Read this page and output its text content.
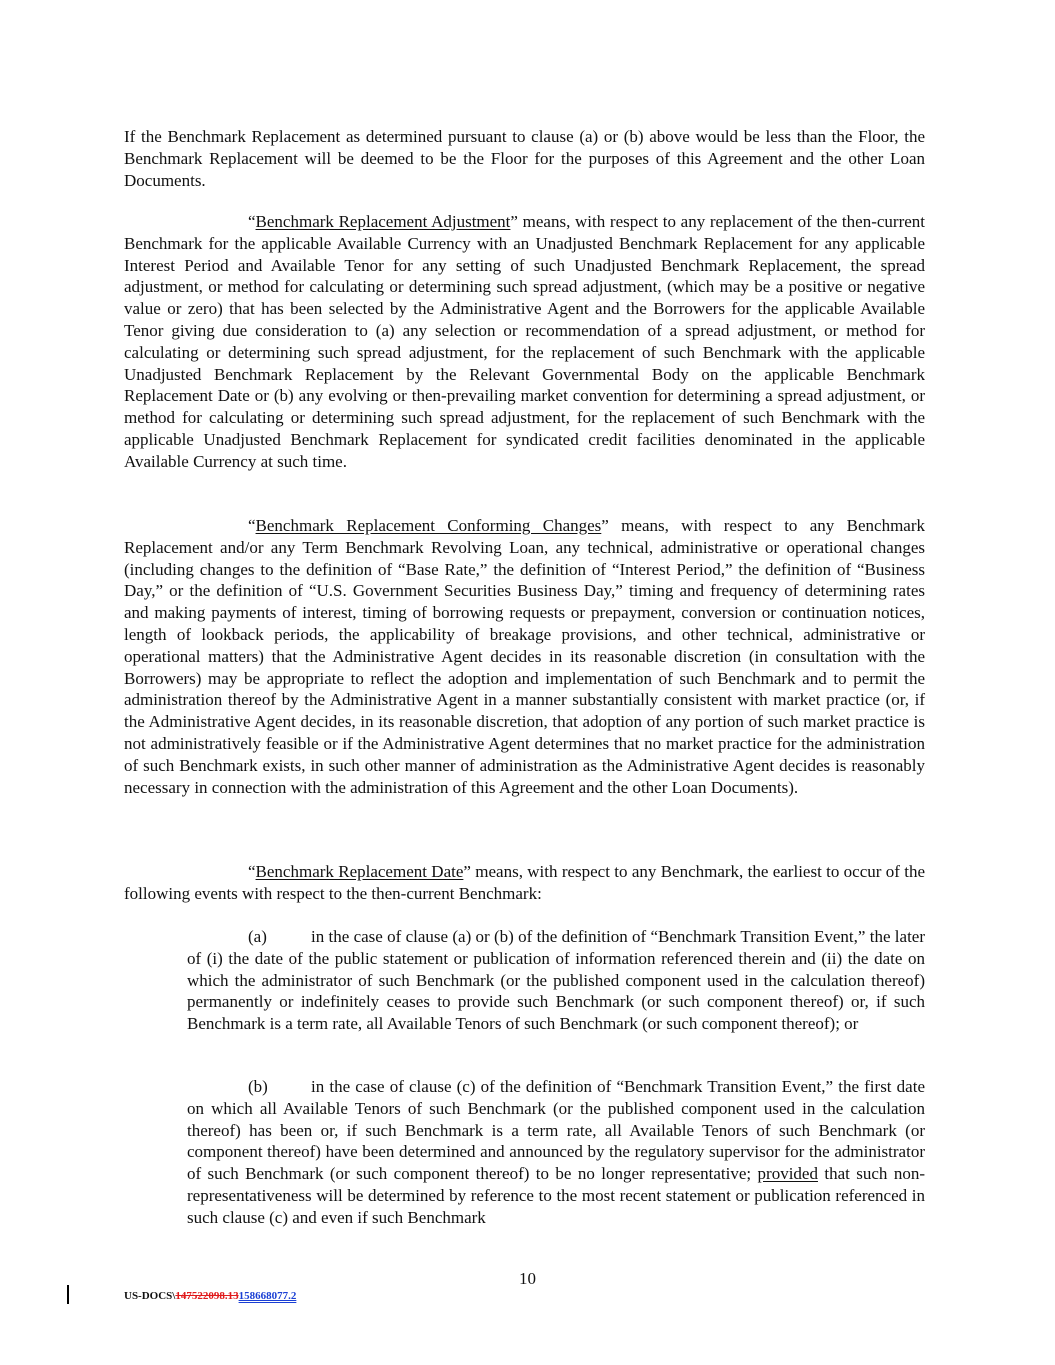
If the Benchmark Replacement as determined pursuant to clause (a) or (b) above would be less than the Floor, the Benchmark Replacement will be deemed to be the Floor for the purposes of this Agreement and the other Loan Documents.

“Benchmark Replacement Adjustment” means, with respect to any replacement of the then-current Benchmark for the applicable Available Currency with an Unadjusted Benchmark Replacement for any applicable Interest Period and Available Tenor for any setting of such Unadjusted Benchmark Replacement, the spread adjustment, or method for calculating or determining such spread adjustment, (which may be a positive or negative value or zero) that has been selected by the Administrative Agent and the Borrowers for the applicable Available Tenor giving due consideration to (a) any selection or recommendation of a spread adjustment, or method for calculating or determining such spread adjustment, for the replacement of such Benchmark with the applicable Unadjusted Benchmark Replacement by the Relevant Governmental Body on the applicable Benchmark Replacement Date or (b) any evolving or then-prevailing market convention for determining a spread adjustment, or method for calculating or determining such spread adjustment, for the replacement of such Benchmark with the applicable Unadjusted Benchmark Replacement for syndicated credit facilities denominated in the applicable Available Currency at such time.

“Benchmark Replacement Conforming Changes” means, with respect to any Benchmark Replacement and/or any Term Benchmark Revolving Loan, any technical, administrative or operational changes (including changes to the definition of “Base Rate,” the definition of “Interest Period,” the definition of “Business Day,” or the definition of “U.S. Government Securities Business Day,” timing and frequency of determining rates and making payments of interest, timing of borrowing requests or prepayment, conversion or continuation notices, length of lookback periods, the applicability of breakage provisions, and other technical, administrative or operational matters) that the Administrative Agent decides in its reasonable discretion (in consultation with the Borrowers) may be appropriate to reflect the adoption and implementation of such Benchmark and to permit the administration thereof by the Administrative Agent in a manner substantially consistent with market practice (or, if the Administrative Agent decides, in its reasonable discretion, that adoption of any portion of such market practice is not administratively feasible or if the Administrative Agent determines that no market practice for the administration of such Benchmark exists, in such other manner of administration as the Administrative Agent decides is reasonably necessary in connection with the administration of this Agreement and the other Loan Documents).

“Benchmark Replacement Date” means, with respect to any Benchmark, the earliest to occur of the following events with respect to the then-current Benchmark:

(a)	in the case of clause (a) or (b) of the definition of “Benchmark Transition Event,” the later of (i) the date of the public statement or publication of information referenced therein and (ii) the date on which the administrator of such Benchmark (or the published component used in the calculation thereof) permanently or indefinitely ceases to provide such Benchmark (or such component thereof) or, if such Benchmark is a term rate, all Available Tenors of such Benchmark (or such component thereof); or

(b)	in the case of clause (c) of the definition of “Benchmark Transition Event,” the first date on which all Available Tenors of such Benchmark (or the published component used in the calculation thereof) has been or, if such Benchmark is a term rate, all Available Tenors of such Benchmark (or component thereof) have been determined and announced by the regulatory supervisor for the administrator of such Benchmark (or such component thereof) to be no longer representative; provided that such non-representativeness will be determined by reference to the most recent statement or publication referenced in such clause (c) and even if such Benchmark

10
US-DOCS\147522098.13158668077.2
